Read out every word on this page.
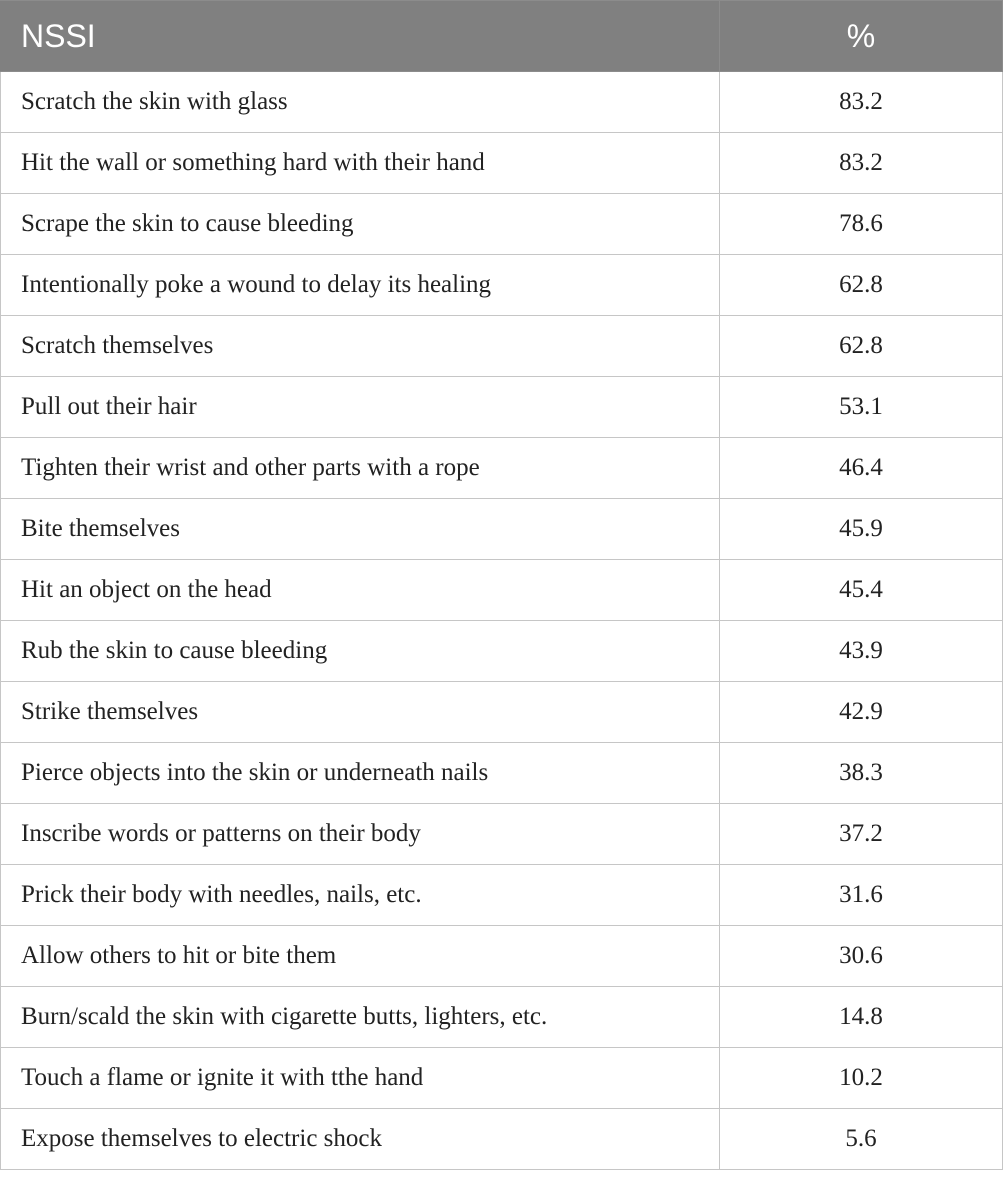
NSSI	%
Scratch the skin with glass	83.2
Hit the wall or something hard with their hand	83.2
Scrape the skin to cause bleeding	78.6
Intentionally poke a wound to delay its healing	62.8
Scratch themselves	62.8
Pull out their hair	53.1
Tighten their wrist and other parts with a rope	46.4
Bite themselves	45.9
Hit an object on the head	45.4
Rub the skin to cause bleeding	43.9
Strike themselves	42.9
Pierce objects into the skin or underneath nails	38.3
Inscribe words or patterns on their body	37.2
Prick their body with needles, nails, etc.	31.6
Allow others to hit or bite them	30.6
Burn/scald the skin with cigarette butts, lighters, etc.	14.8
Touch a flame or ignite it with tthe hand	10.2
Expose themselves to electric shock	5.6
